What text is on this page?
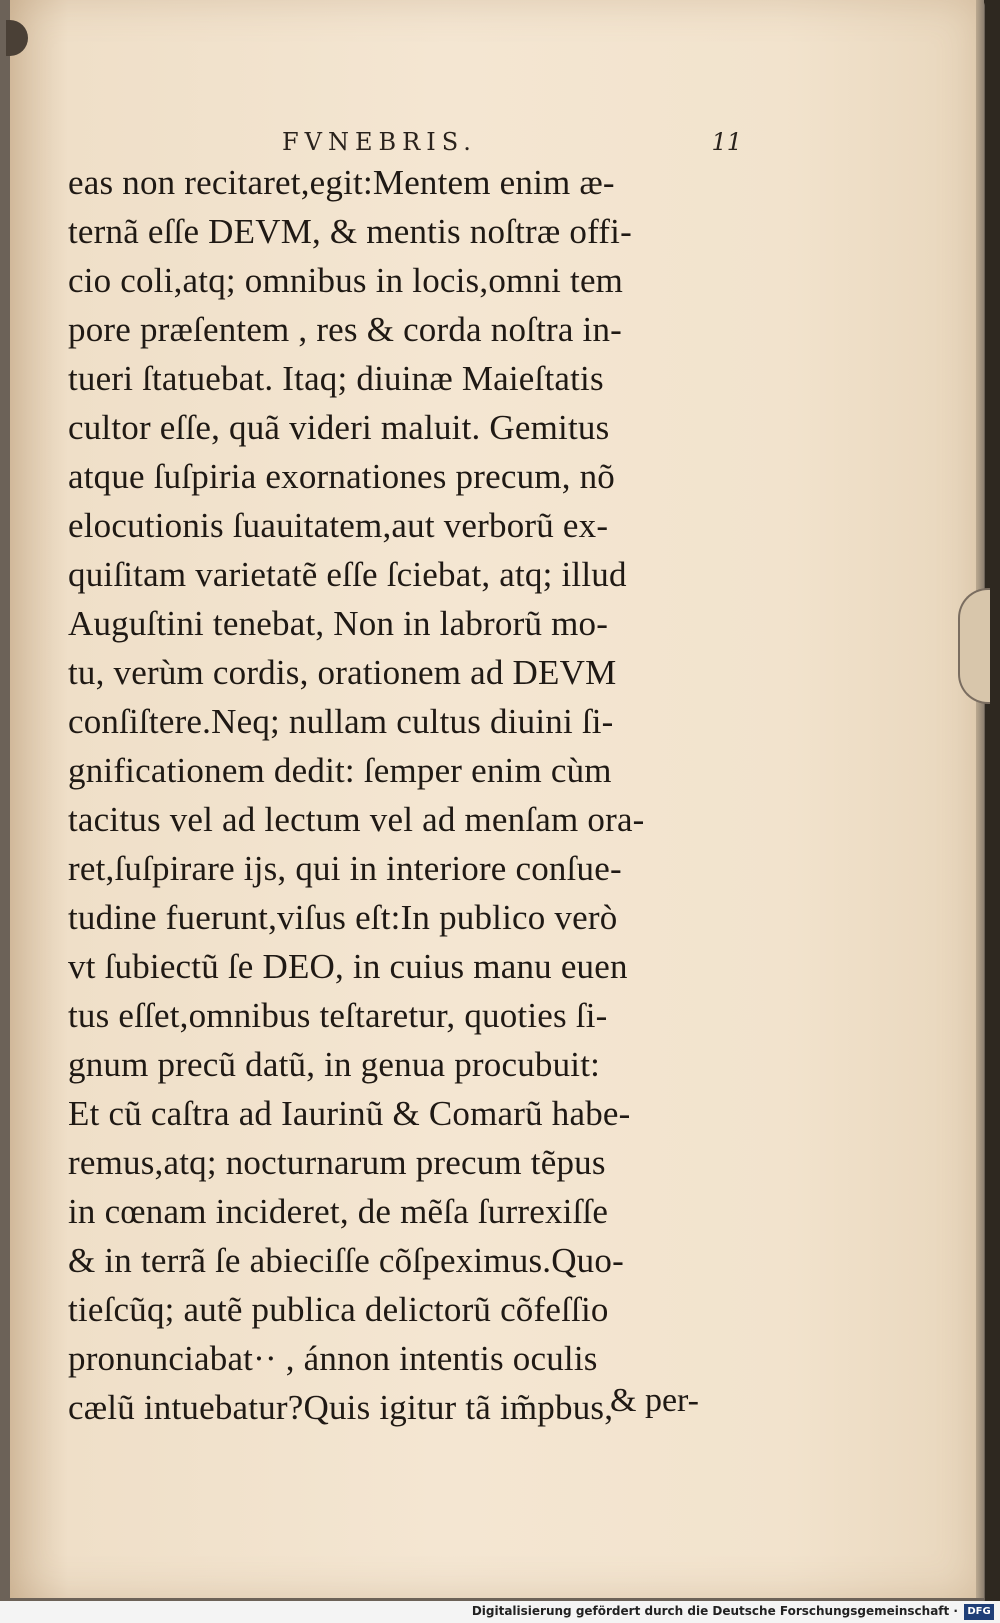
FVNEBRIS.	11
eas non recitaret,egit:Mentem enim æ-
ternã eſſe DEVM, & mentis noſtræ offi-
cio coli,atq; omnibus in locis,omni tem
pore præſentem , res & corda noſtra in-
tueri ſtatuebat. Itaq; diuinæ Maieſtatis
cultor eſſe, quã videri maluit. Gemitus
atque ſuſpiria exornationes precum, nõ
elocutionis ſuauitatem,aut verborũ ex-
quiſitam varietatẽ eſſe ſciebat, atq; illud
Auguſtini tenebat, Non in labrorũ mo-
tu, verùm cordis, orationem ad DEVM
conſiſtere.Neq; nullam cultus diuini ſi-
gnificationem dedit: ſemper enim cùm
tacitus vel ad lectum vel ad menſam ora-
ret,ſuſpirare ijs, qui in interiore conſue-
tudine fuerunt,viſus eſt:In publico verò
vt ſubiectũ ſe DEO, in cuius manu euen
tus eſſet,omnibus teſtaretur, quoties ſi-
gnum precũ datũ, in genua procubuit:
Et cũ caſtra ad Iaurinũ & Comarũ habe-
remus,atq; nocturnarum precum tẽpus
in cœnam incideret, de mẽſa ſurrexiſſe
& in terrã ſe abieciſſe cõſpeximus.Quo-
tieſcũq; autẽ publica delictorũ cõfeſſio
pronunciabat·· , ánnon intentis oculis
cælũ intuebatur?Quis igitur tã im̃pbus,
& per-
Digitalisierung gefördert durch die Deutsche Forschungsgemeinschaft · DFG
